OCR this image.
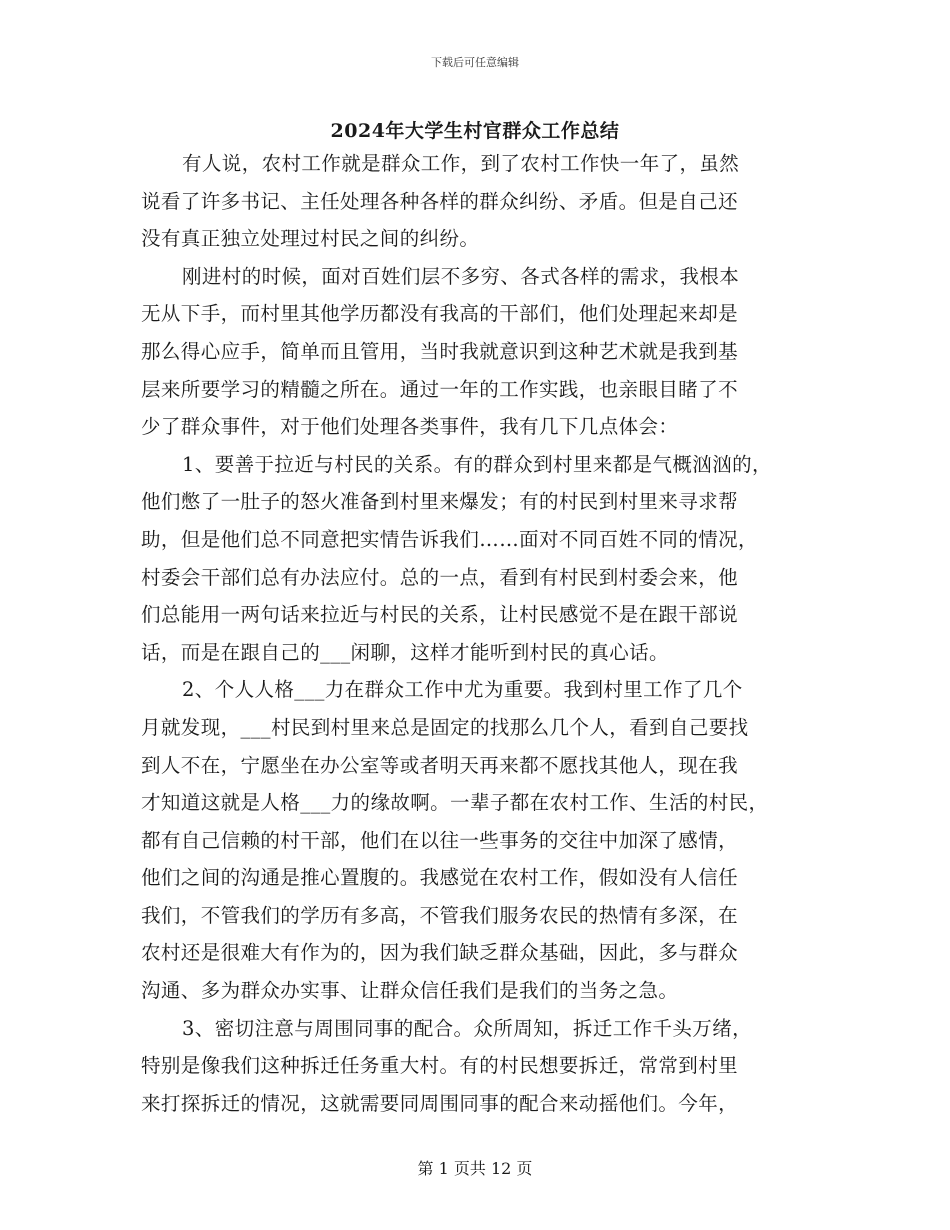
下载后可任意编辑
2024年大学生村官群众工作总结
有人说，农村工作就是群众工作，到了农村工作快一年了，虽然
说看了许多书记、主任处理各种各样的群众纠纷、矛盾。但是自己还
没有真正独立处理过村民之间的纠纷。
刚进村的时候，面对百姓们层不多穷、各式各样的需求，我根本
无从下手，而村里其他学历都没有我高的干部们，他们处理起来却是
那么得心应手，简单而且管用，当时我就意识到这种艺术就是我到基
层来所要学习的精髓之所在。通过一年的工作实践，也亲眼目睹了不
少了群众事件，对于他们处理各类事件，我有几下几点体会：
1、要善于拉近与村民的关系。有的群众到村里来都是气概汹汹的，
他们憋了一肚子的怒火准备到村里来爆发；有的村民到村里来寻求帮
助，但是他们总不同意把实情告诉我们……面对不同百姓不同的情况，
村委会干部们总有办法应付。总的一点，看到有村民到村委会来，他
们总能用一两句话来拉近与村民的关系，让村民感觉不是在跟干部说
话，而是在跟自己的___闲聊，这样才能听到村民的真心话。
2、个人人格___力在群众工作中尤为重要。我到村里工作了几个
月就发现，___村民到村里来总是固定的找那么几个人，看到自己要找
到人不在，宁愿坐在办公室等或者明天再来都不愿找其他人，现在我
才知道这就是人格___力的缘故啊。一辈子都在农村工作、生活的村民，
都有自己信赖的村干部，他们在以往一些事务的交往中加深了感情，
他们之间的沟通是推心置腹的。我感觉在农村工作，假如没有人信任
我们，不管我们的学历有多高，不管我们服务农民的热情有多深，在
农村还是很难大有作为的，因为我们缺乏群众基础，因此，多与群众
沟通、多为群众办实事、让群众信任我们是我们的当务之急。
3、密切注意与周围同事的配合。众所周知，拆迁工作千头万绪，
特别是像我们这种拆迁任务重大村。有的村民想要拆迁，常常到村里
来打探拆迁的情况，这就需要同周围同事的配合来动摇他们。今年，
第 1 页共 12 页
